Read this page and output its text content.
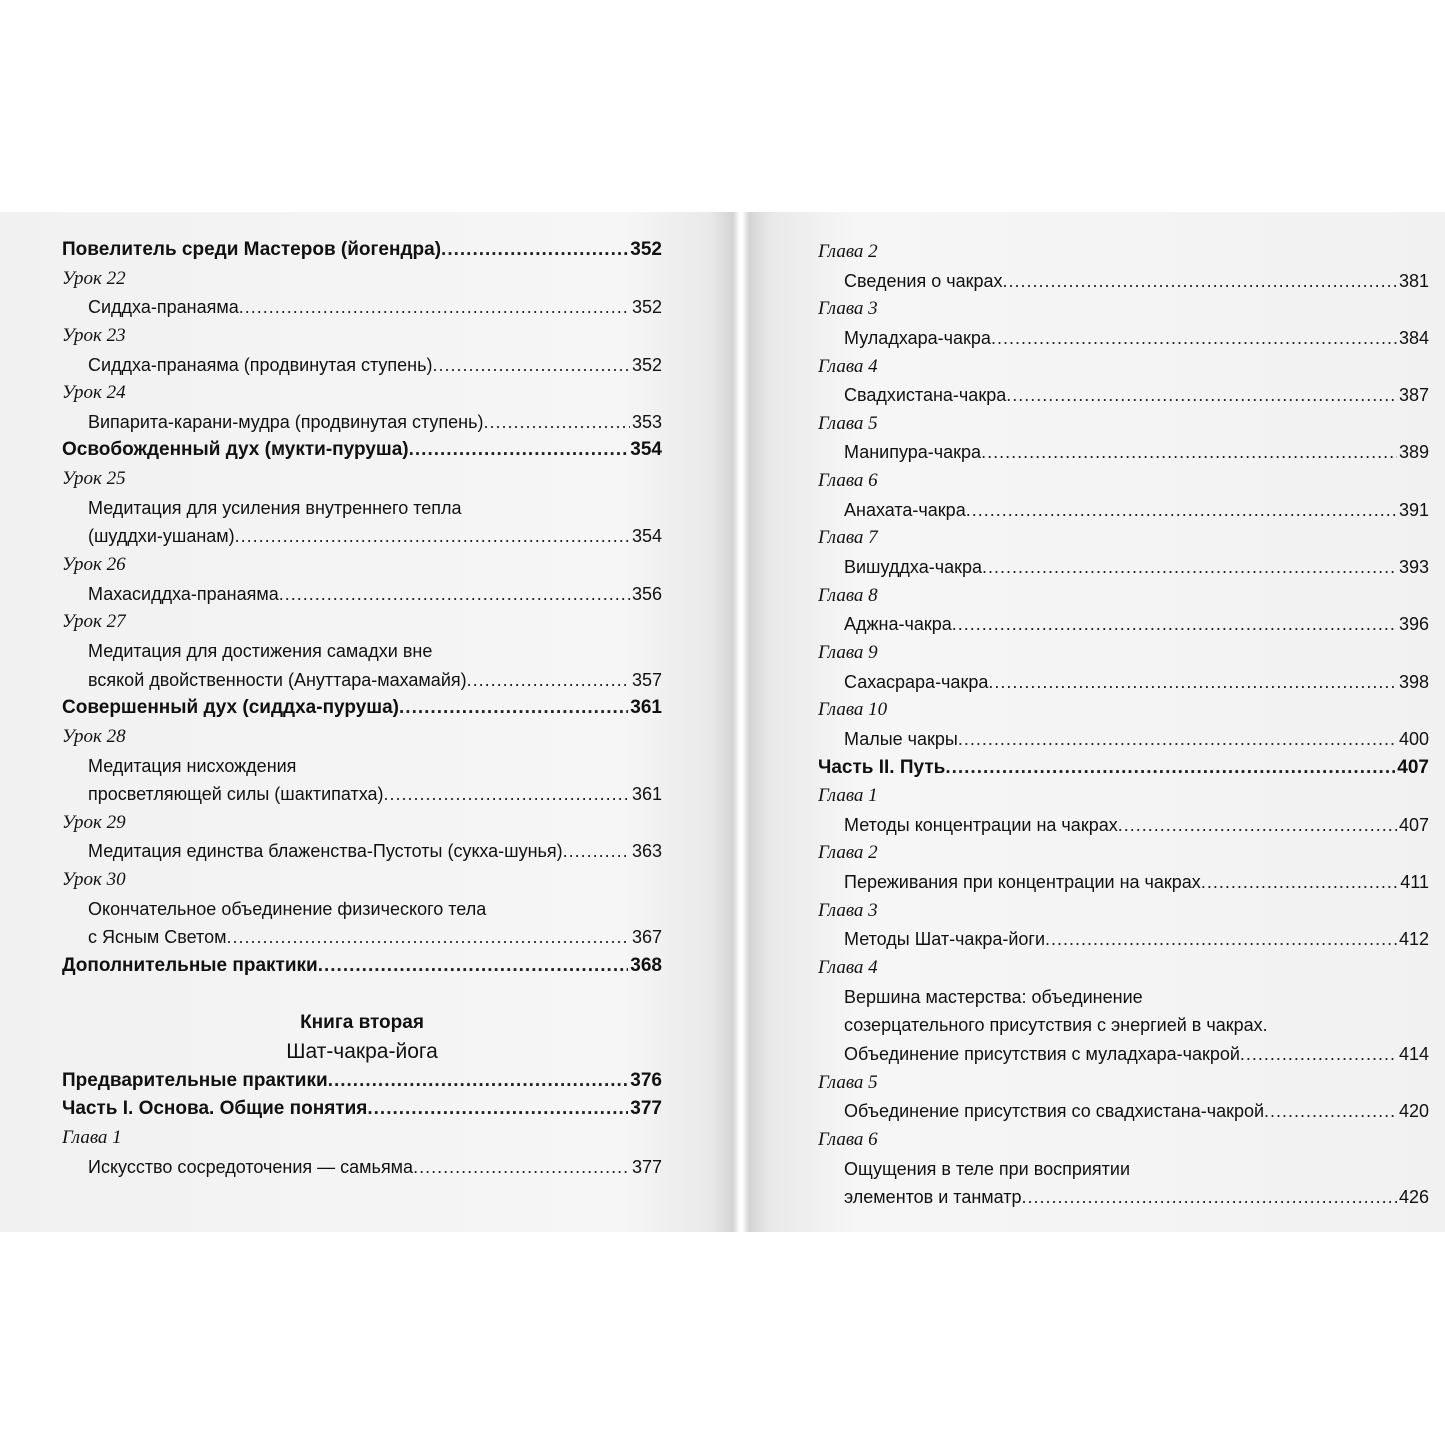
Повелитель среди Мастеров (йогендра) .....	352
Урок 22
Сиддха-пранаяма .....	352
Урок 23
Сиддха-пранаяма (продвинутая ступень) .....	352
Урок 24
Випарита-карани-мудра (продвинутая ступень) .....	353
Освобожденный дух (мукти-пуруша) .....	354
Урок 25
Медитация для усиления внутреннего тепла
(шуддхи-ушанам) .....	354
Урок 26
Махасиддха-пранаяма .....	356
Урок 27
Медитация для достижения самадхи вне
всякой двойственности (Ануттара-махамайя) .....	357
Совершенный дух (сиддха-пуруша) .....	361
Урок 28
Медитация нисхождения
просветляющей силы (шактипатха) .....	361
Урок 29
Медитация единства блаженства-Пустоты (сукха-шунья) .....	363
Урок 30
Окончательное объединение физического тела
с Ясным Светом .....	367
Дополнительные практики .....	368
Книга вторая
Шат-чакра-йога
Предварительные практики .....	376
Часть I. Основа. Общие понятия .....	377
Глава 1
Искусство сосредоточения — самьяма .....	377
Глава 2
Сведения о чакрах .....	381
Глава 3
Муладхара-чакра .....	384
Глава 4
Свадхистана-чакра .....	387
Глава 5
Манипура-чакра .....	389
Глава 6
Анахата-чакра .....	391
Глава 7
Вишуддха-чакра .....	393
Глава 8
Аджна-чакра .....	396
Глава 9
Сахасрара-чакра .....	398
Глава 10
Малые чакры .....	400
Часть II. Путь .....	407
Глава 1
Методы концентрации на чакрах .....	407
Глава 2
Переживания при концентрации на чакрах .....	411
Глава 3
Методы Шат-чакра-йоги .....	412
Глава 4
Вершина мастерства: объединение
созерцательного присутствия с энергией в чакрах.
Объединение присутствия с муладхара-чакрой .....	414
Глава 5
Объединение присутствия со свадхистана-чакрой .....	420
Глава 6
Ощущения в теле при восприятии
элементов и танматр .....	426
